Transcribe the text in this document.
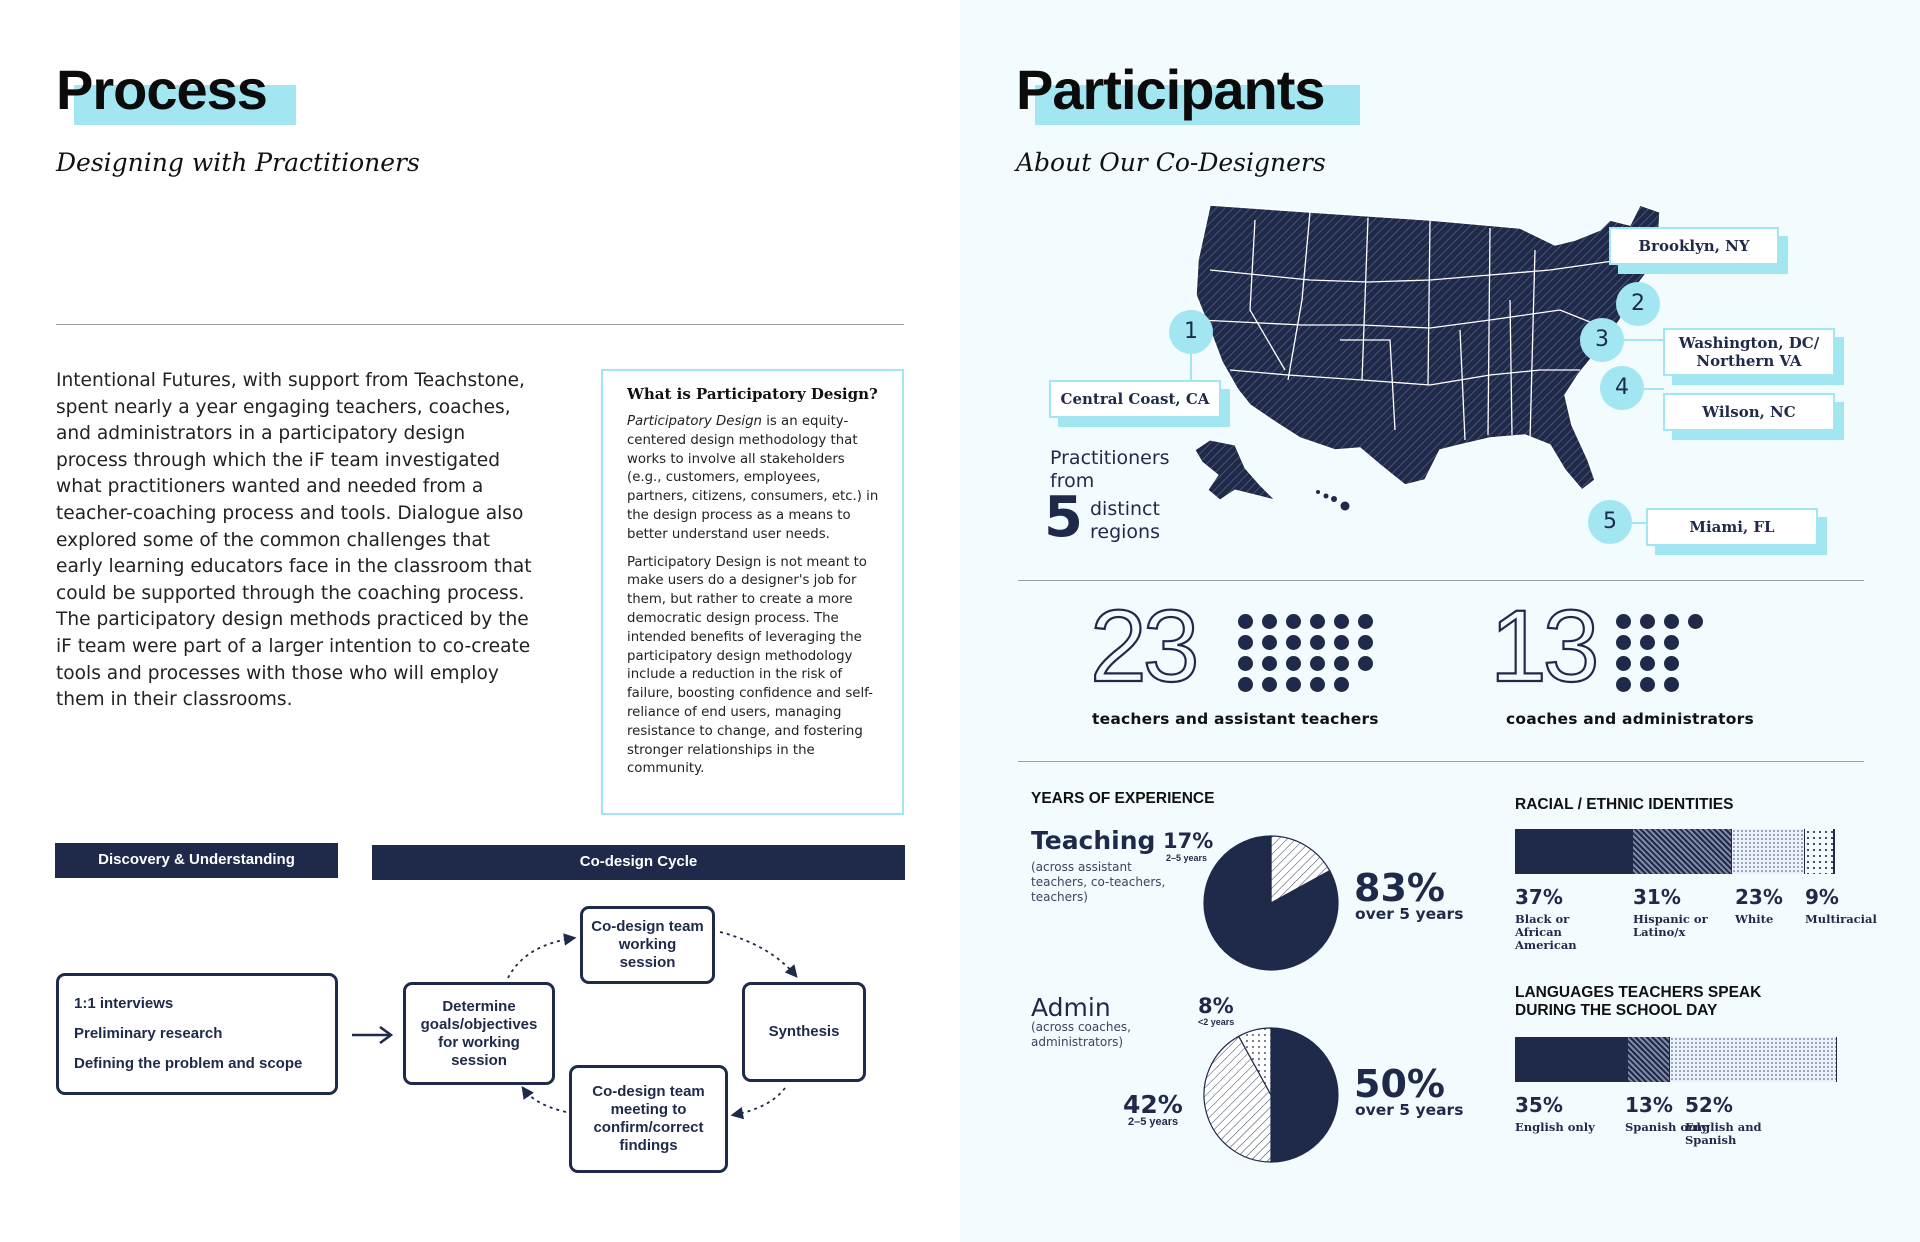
Process
Designing with Practitioners
Intentional Futures, with support from Teachstone, spent nearly a year engaging teachers, coaches, and administrators in a participatory design process through which the iF team investigated what practitioners wanted and needed from a teacher-coaching process and tools. Dialogue also explored some of the common challenges that early learning educators face in the classroom that could be supported through the coaching process. The participatory design methods practiced by the iF team were part of a larger intention to co-create tools and processes with those who will employ them in their classrooms.
What is Participatory Design?
Participatory Design is an equity-centered design methodology that works to involve all stakeholders (e.g., customers, employees, partners, citizens, consumers, etc.) in the design process as a means to better understand user needs.
Participatory Design is not meant to make users do a designer's job for them, but rather to create a more democratic design process. The intended benefits of leveraging the participatory design methodology include a reduction in the risk of failure, boosting confidence and self-reliance of end users, managing resistance to change, and fostering stronger relationships in the community.
Discovery & Understanding	Co-design Cycle
1:1 interviews
Preliminary research
Defining the problem and scope
Determine goals/objectives for working session
Co-design team working session
Synthesis
Co-design team meeting to confirm/correct findings
Participants
About Our Co-Designers
Practitioners
from
5 distinct
regions
1
Central Coast, CA
2
Brooklyn, NY
3	Washington, DC/ Northern VA
4
Wilson, NC
5	Miami, FL
23
teachers and assistant teachers
13
coaches and administrators
YEARS OF EXPERIENCE
Teaching
(across assistant teachers, co-teachers, teachers)
17%
2–5 years
83%
over 5 years
Admin
(across coaches, administrators)
8%
<2 years
42%
2–5 years
50%
over 5 years
RACIAL / ETHNIC IDENTITIES
37%
Black or African American
31%
Hispanic or Latino/x
23%
White
9%
Multiracial
LANGUAGES TEACHERS SPEAK DURING THE SCHOOL DAY
35%
English only
13%
Spanish only
52%
English and Spanish
